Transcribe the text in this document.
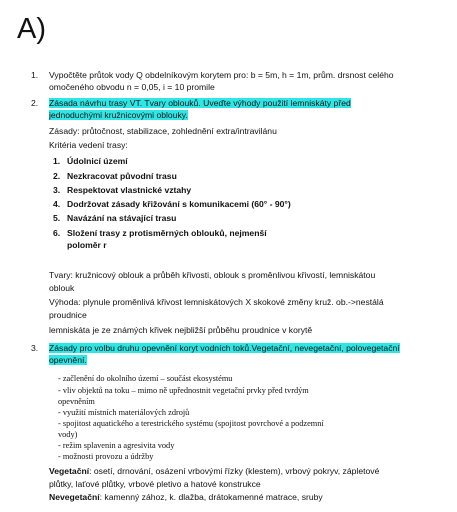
A)
1. Vypočtěte průtok vody Q obdelníkovým korytem pro: b = 5m, h = 1m, prům. drsnost celého
omočeného obvodu n = 0,05, i = 10 promile
2. Zásada návrhu trasy VT. Tvary oblouků. Uveďte výhody použití lemniskáty před
jednoduchými kružnicovými oblouky.
Zásady: průtočnost, stabilizace, zohlednění extra/intravilánu
Kritéria vedení trasy:
1. Údolnicí území
2. Nezkracovat původní trasu
3. Respektovat vlastnické vztahy
4. Dodržovat zásady křižování s komunikacemi (60° - 90°)
5. Navázání na stávající trasu
6. Složení trasy z protisměrných oblouků, nejmenší
poloměr r
Tvary: kružnicový oblouk a průběh křivosti, oblouk s proměnlivou křivostí, lemniskátou
oblouk
Výhoda: plynule proměnlivá křivost lemniskátových X skokové změny kruž. ob.->nestálá
proudnice
lemniskáta je ze známých křivek nejbližší průběhu proudnice v korytě
3. Zásady pro volbu druhu opevnění koryt vodních toků.Vegetační, nevegetační, polovegetační
opevnění.
- začlenění do okolního území – součást ekosystému
- vliv objektů na toku – mimo ně upřednostnit vegetační prvky před tvrdým
opevněním
- využití místních materiálových zdrojů
- spojitost aquatického a terestrického systému (spojitost povrchové a podzemní
vody)
- režim splavenin a agresivita vody
- možnosti provozu a údržby
Vegetační: osetí, drnování, osázení vrbovými řízky (klestem), vrbový pokryv, zápletové
plůtky, laťové plůtky, vrbové pletivo a hatové konstrukce
Nevegetační: kamenný zához, k. dlažba, drátokamenné matrace, sruby
